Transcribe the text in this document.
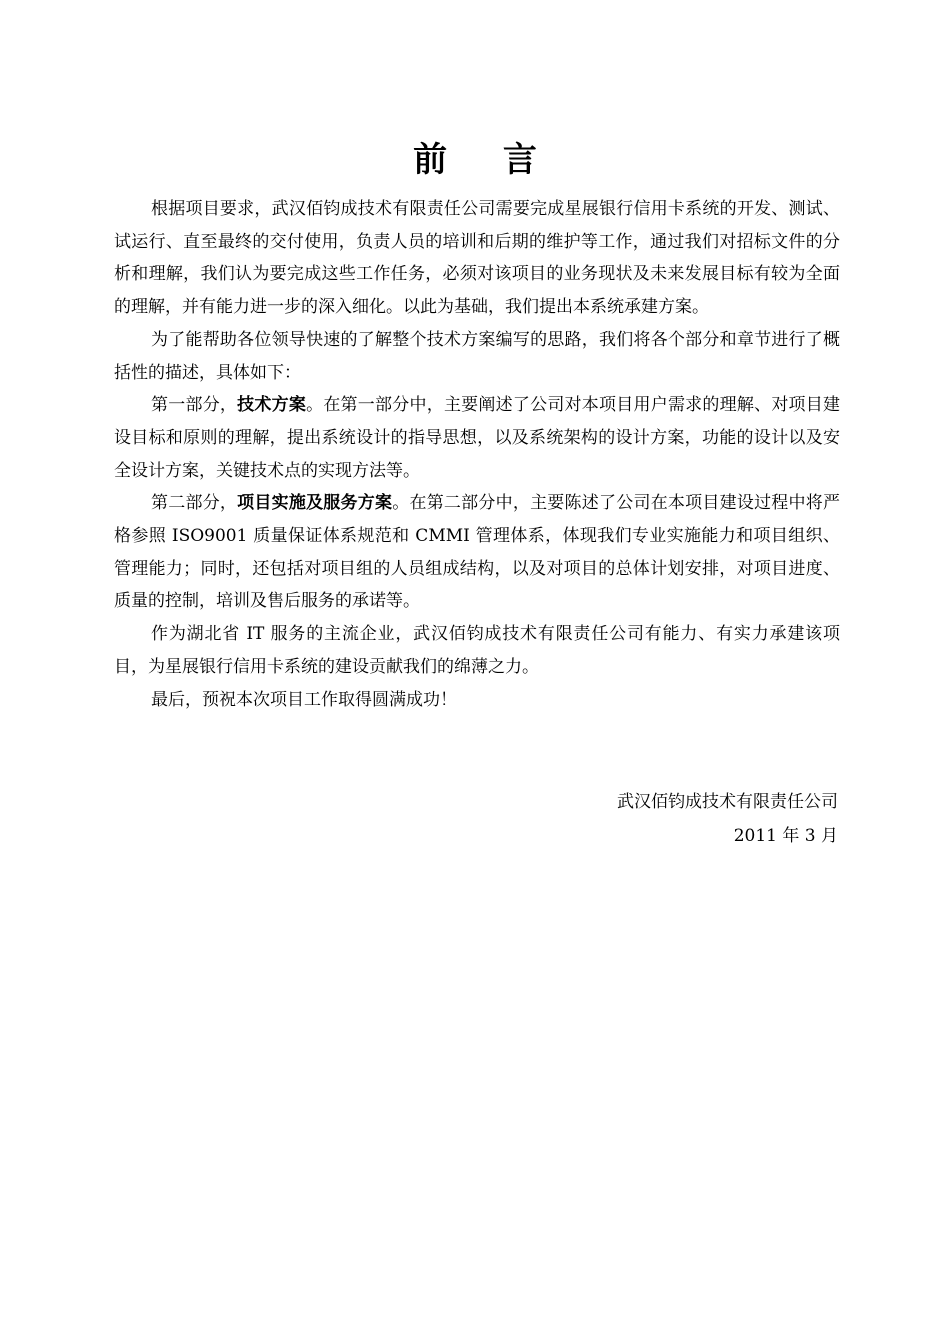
前 言

根据项目要求，武汉佰钧成技术有限责任公司需要完成星展银行信用卡系统的开发、测试、试运行、直至最终的交付使用，负责人员的培训和后期的维护等工作，通过我们对招标文件的分析和理解，我们认为要完成这些工作任务，必须对该项目的业务现状及未来发展目标有较为全面的理解，并有能力进一步的深入细化。以此为基础，我们提出本系统承建方案。

为了能帮助各位领导快速的了解整个技术方案编写的思路，我们将各个部分和章节进行了概括性的描述，具体如下：

第一部分，技术方案。在第一部分中，主要阐述了公司对本项目用户需求的理解、对项目建设目标和原则的理解，提出系统设计的指导思想，以及系统架构的设计方案，功能的设计以及安全设计方案，关键技术点的实现方法等。

第二部分，项目实施及服务方案。在第二部分中，主要陈述了公司在本项目建设过程中将严格参照 ISO9001 质量保证体系规范和 CMMI 管理体系，体现我们专业实施能力和项目组织、管理能力；同时，还包括对项目组的人员组成结构，以及对项目的总体计划安排，对项目进度、质量的控制，培训及售后服务的承诺等。

作为湖北省 IT 服务的主流企业，武汉佰钧成技术有限责任公司有能力、有实力承建该项目，为星展银行信用卡系统的建设贡献我们的绵薄之力。

最后，预祝本次项目工作取得圆满成功！

武汉佰钧成技术有限责任公司
2011 年 3 月
